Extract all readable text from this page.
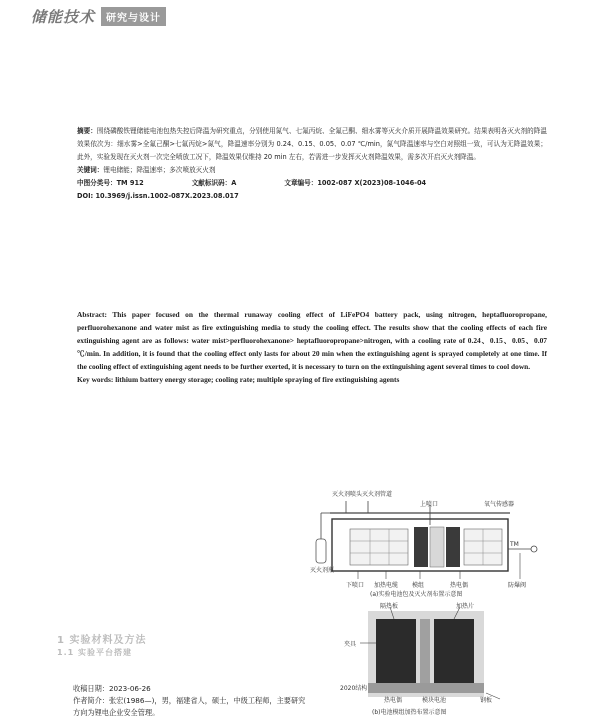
储能技术	研究与设计

摘要：围绕磷酸铁锂储能电池包热失控后降温为研究重点，分别使用氮气、七氟丙烷、全氟己酮、细水雾等灭火介质开展降温效果研究。结果表明各灭火剂的降温效果依次为：细水雾>全氟己酮>七氟丙烷>氮气，降温速率分别为 0.24、0.15、0.05、0.07 ℃/min，氮气降温速率与空白对照组一致，可认为无降温效果；此外，实验发现在灭火剂一次完全喷放工况下，降温效果仅维持 20 min 左右，若需进一步发挥灭火剂降温效果，需多次开启灭火剂降温。

关键词：锂电储能；降温速率；多次喷放灭火剂

中图分类号：TM 912	文献标识码：A	文章编号：1002-087 X(2023)08-1046-04

DOI: 10.3969/j.issn.1002-087X.2023.08.017

Abstract: This paper focused on the thermal runaway cooling effect of LiFePO4 battery pack, using nitrogen, heptafluoropropane, perfluorohexanone and water mist as fire extinguishing media to study the cooling effect. The results show that the cooling effects of each fire extinguishing agent are as follows: water mist>perfluorohexanone> heptafluoropropane>nitrogen, with a cooling rate of 0.24、0.15、0.05、0.07 ℃/min. In addition, it is found that the cooling effect only lasts for about 20 min when the extinguishing agent is sprayed completely at one time. If the cooling effect of extinguishing agent needs to be further exerted, it is necessary to turn on the extinguishing agent several times to cool down.

Key words: lithium battery energy storage; cooling rate; multiple spraying of fire extinguishing agents

灭火剂喷头 灭火剂管道
上喷口	氧气传感器
灭火剂瓶
TM
下喷口 加热电缆 模组	热电偶	防爆阀
(a)实验电池包及灭火剂布置示意图
隔热板	加热片
夹具
2020结构
热电偶	模块电池	钢板
(b)电池模组加热布置示意图
1 实验材料及方法
1.1 实验平台搭建
收稿日期：2023-06-26
作者简介：张宏(1986—)，男，福建省人，硕士，中级工程师，主要研究方向为锂电企业安全管理。
